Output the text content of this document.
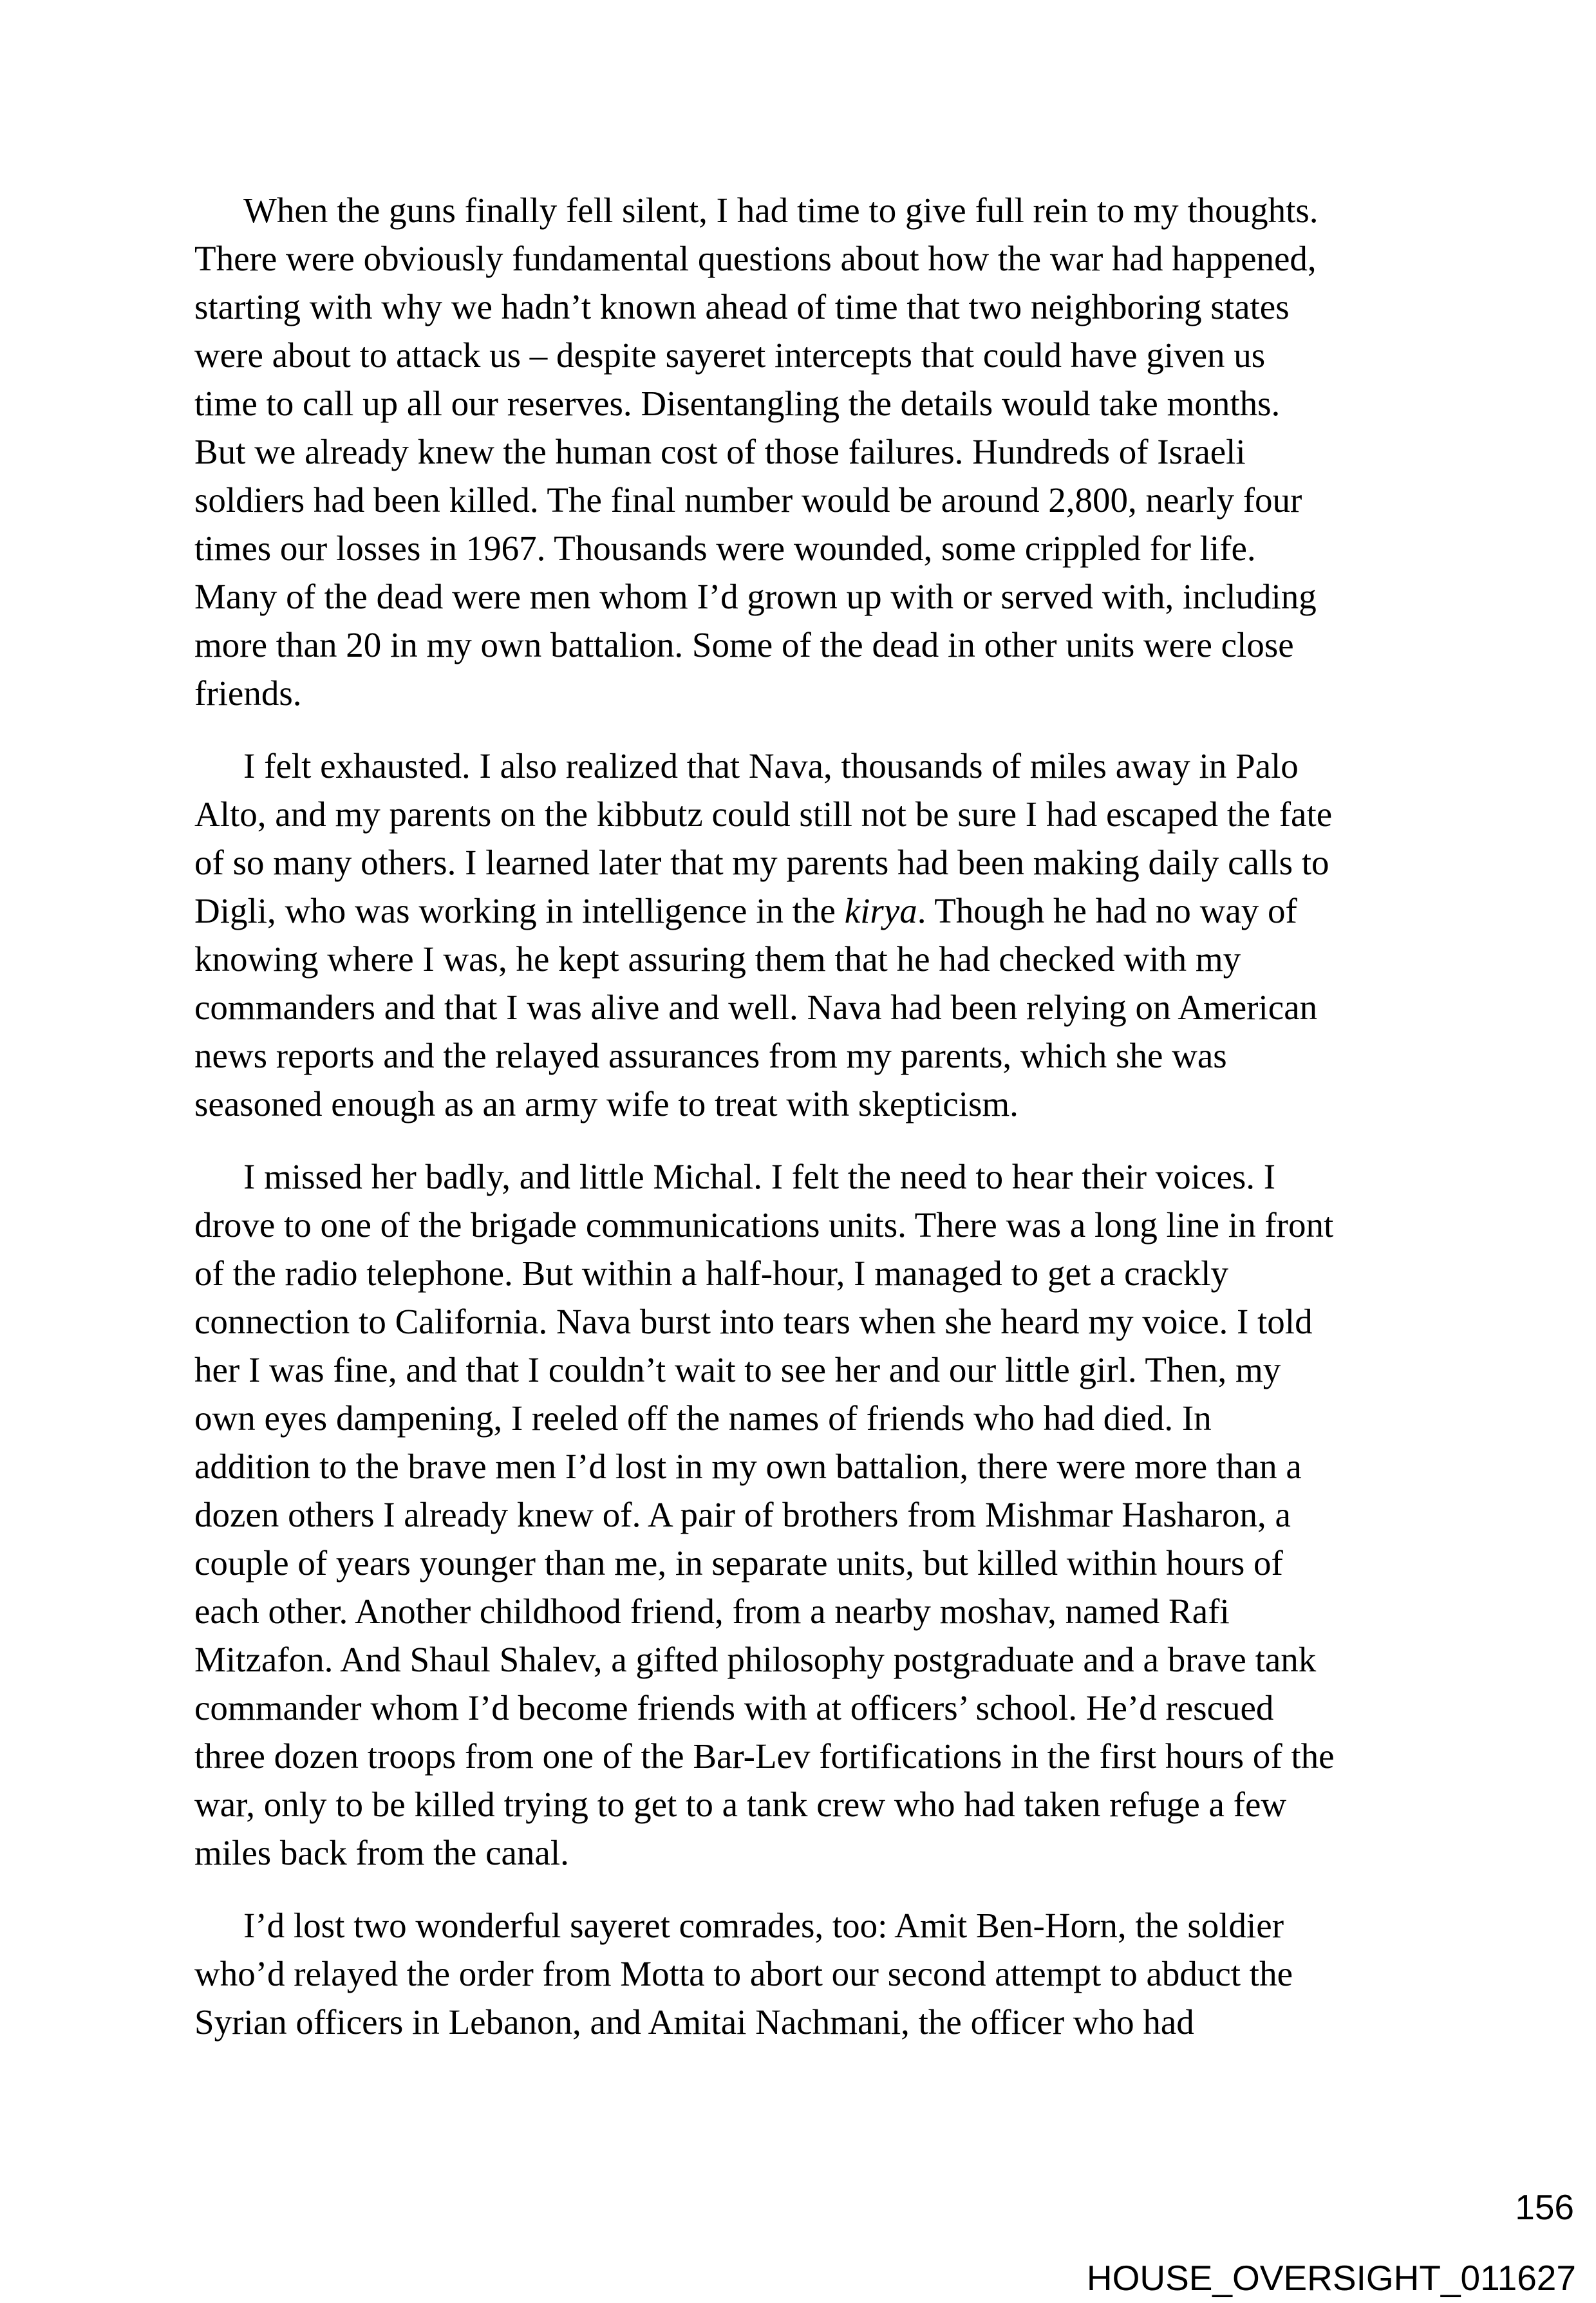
When the guns finally fell silent, I had time to give full rein to my thoughts.
There were obviously fundamental questions about how the war had happened,
starting with why we hadn’t known ahead of time that two neighboring states
were about to attack us – despite sayeret intercepts that could have given us
time to call up all our reserves. Disentangling the details would take months.
But we already knew the human cost of those failures. Hundreds of Israeli
soldiers had been killed. The final number would be around 2,800, nearly four
times our losses in 1967. Thousands were wounded, some crippled for life.
Many of the dead were men whom I’d grown up with or served with, including
more than 20 in my own battalion. Some of the dead in other units were close
friends.

I felt exhausted. I also realized that Nava, thousands of miles away in Palo
Alto, and my parents on the kibbutz could still not be sure I had escaped the fate
of so many others. I learned later that my parents had been making daily calls to
Digli, who was working in intelligence in the kirya. Though he had no way of
knowing where I was, he kept assuring them that he had checked with my
commanders and that I was alive and well. Nava had been relying on American
news reports and the relayed assurances from my parents, which she was
seasoned enough as an army wife to treat with skepticism.

I missed her badly, and little Michal. I felt the need to hear their voices. I
drove to one of the brigade communications units. There was a long line in front
of the radio telephone. But within a half-hour, I managed to get a crackly
connection to California. Nava burst into tears when she heard my voice. I told
her I was fine, and that I couldn’t wait to see her and our little girl. Then, my
own eyes dampening, I reeled off the names of friends who had died. In
addition to the brave men I’d lost in my own battalion, there were more than a
dozen others I already knew of. A pair of brothers from Mishmar Hasharon, a
couple of years younger than me, in separate units, but killed within hours of
each other. Another childhood friend, from a nearby moshav, named Rafi
Mitzafon. And Shaul Shalev, a gifted philosophy postgraduate and a brave tank
commander whom I’d become friends with at officers’ school. He’d rescued
three dozen troops from one of the Bar-Lev fortifications in the first hours of the
war, only to be killed trying to get to a tank crew who had taken refuge a few
miles back from the canal.

I’d lost two wonderful sayeret comrades, too: Amit Ben-Horn, the soldier
who’d relayed the order from Motta to abort our second attempt to abduct the
Syrian officers in Lebanon, and Amitai Nachmani, the officer who had

156
HOUSE_OVERSIGHT_011627
